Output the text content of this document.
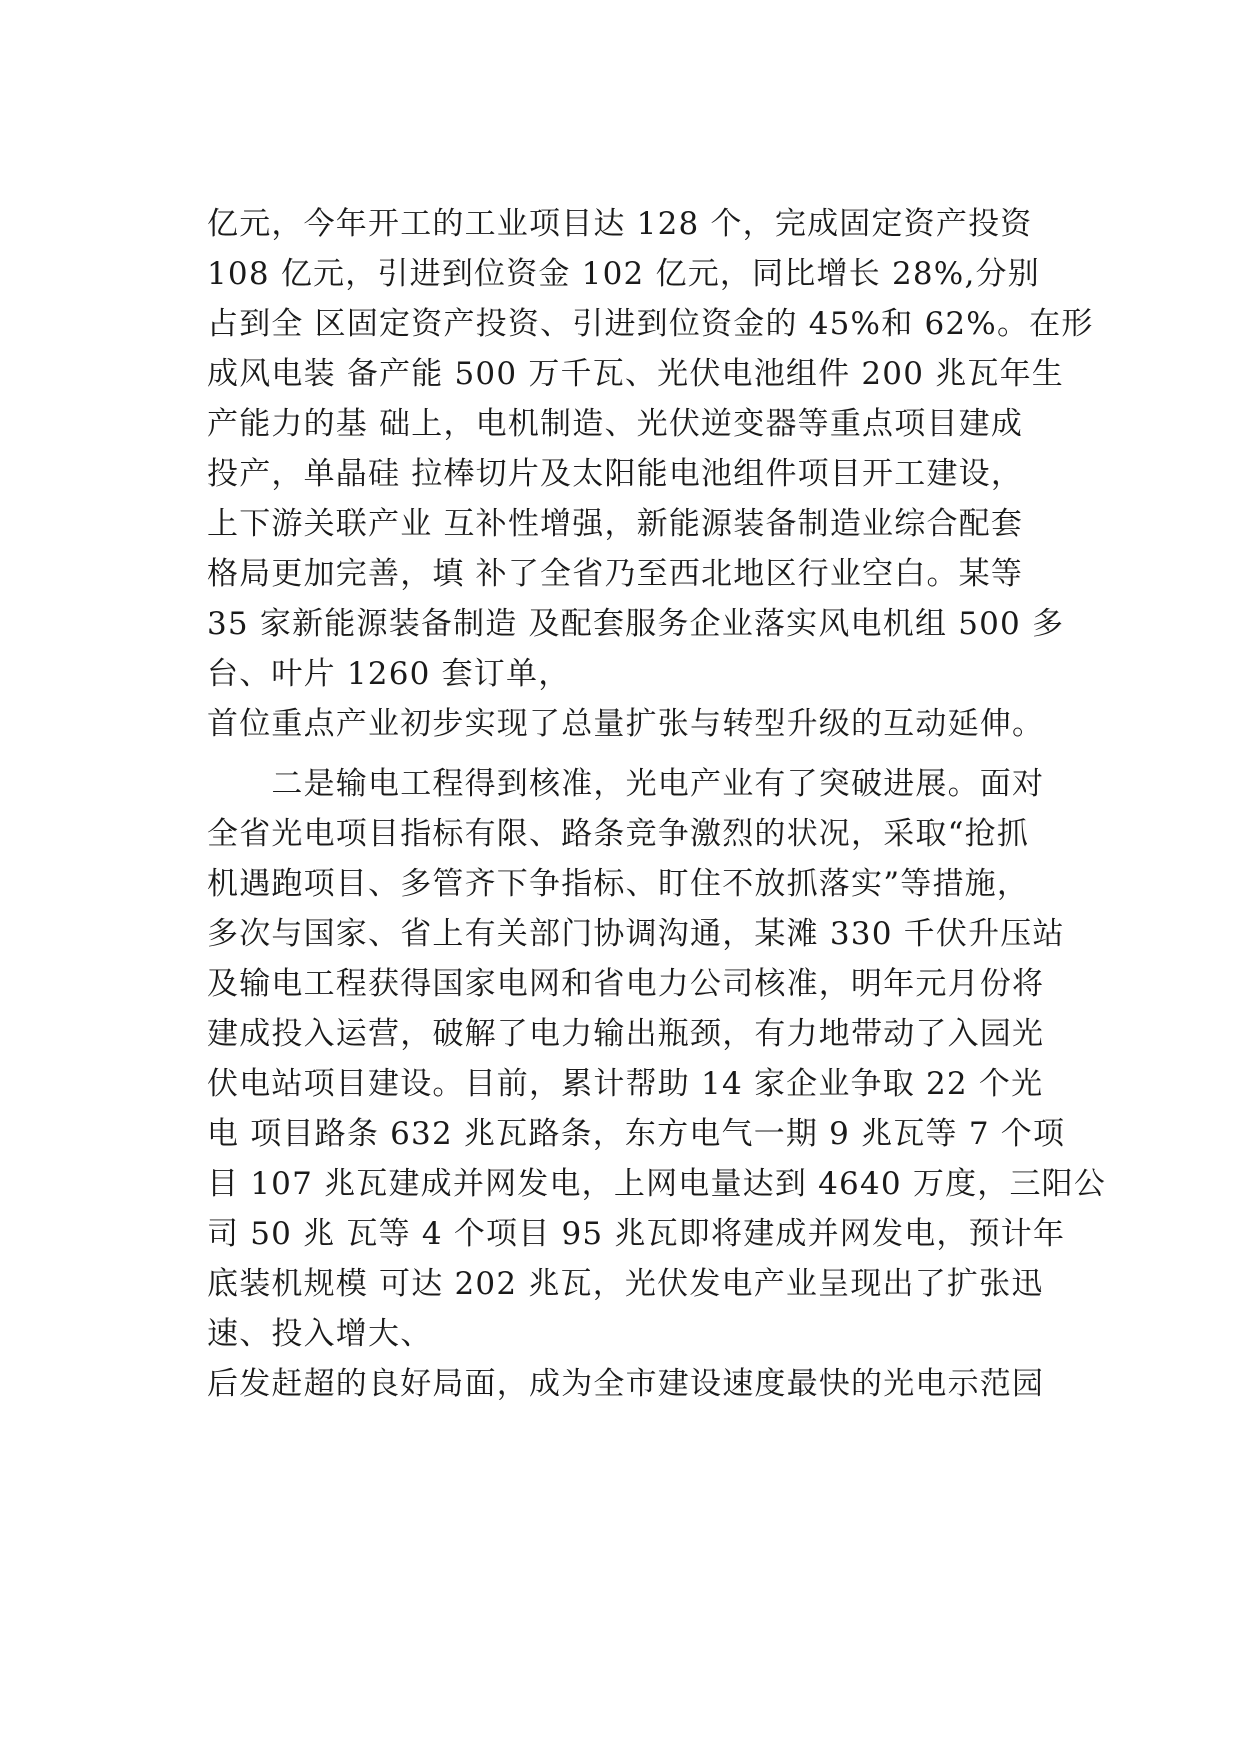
亿元，今年开工的工业项目达 128 个，完成固定资产投资
108 亿元，引进到位资金 102 亿元，同比增长 28%,分别
占到全 区固定资产投资、引进到位资金的 45%和 62%。在形
成风电装 备产能 500 万千瓦、光伏电池组件 200 兆瓦年生
产能力的基 础上，电机制造、光伏逆变器等重点项目建成
投产，单晶硅 拉棒切片及太阳能电池组件项目开工建设，
上下游关联产业 互补性增强，新能源装备制造业综合配套
格局更加完善，填 补了全省乃至西北地区行业空白。某等
35 家新能源装备制造 及配套服务企业落实风电机组 500 多
台、叶片 1260 套订单，
首位重点产业初步实现了总量扩张与转型升级的互动延伸。
　　二是输电工程得到核准，光电产业有了突破进展。面对
全省光电项目指标有限、路条竞争激烈的状况，采取“抢抓
机遇跑项目、多管齐下争指标、盯住不放抓落实”等措施，
多次与国家、省上有关部门协调沟通，某滩 330 千伏升压站
及输电工程获得国家电网和省电力公司核准，明年元月份将
建成投入运营，破解了电力输出瓶颈，有力地带动了入园光
伏电站项目建设。目前，累计帮助 14 家企业争取 22 个光
电 项目路条 632 兆瓦路条，东方电气一期 9 兆瓦等 7 个项
目 107 兆瓦建成并网发电，上网电量达到 4640 万度，三阳公
司 50 兆 瓦等 4 个项目 95 兆瓦即将建成并网发电，预计年
底装机规模 可达 202 兆瓦，光伏发电产业呈现出了扩张迅
速、投入增大、
后发赶超的良好局面，成为全市建设速度最快的光电示范园
